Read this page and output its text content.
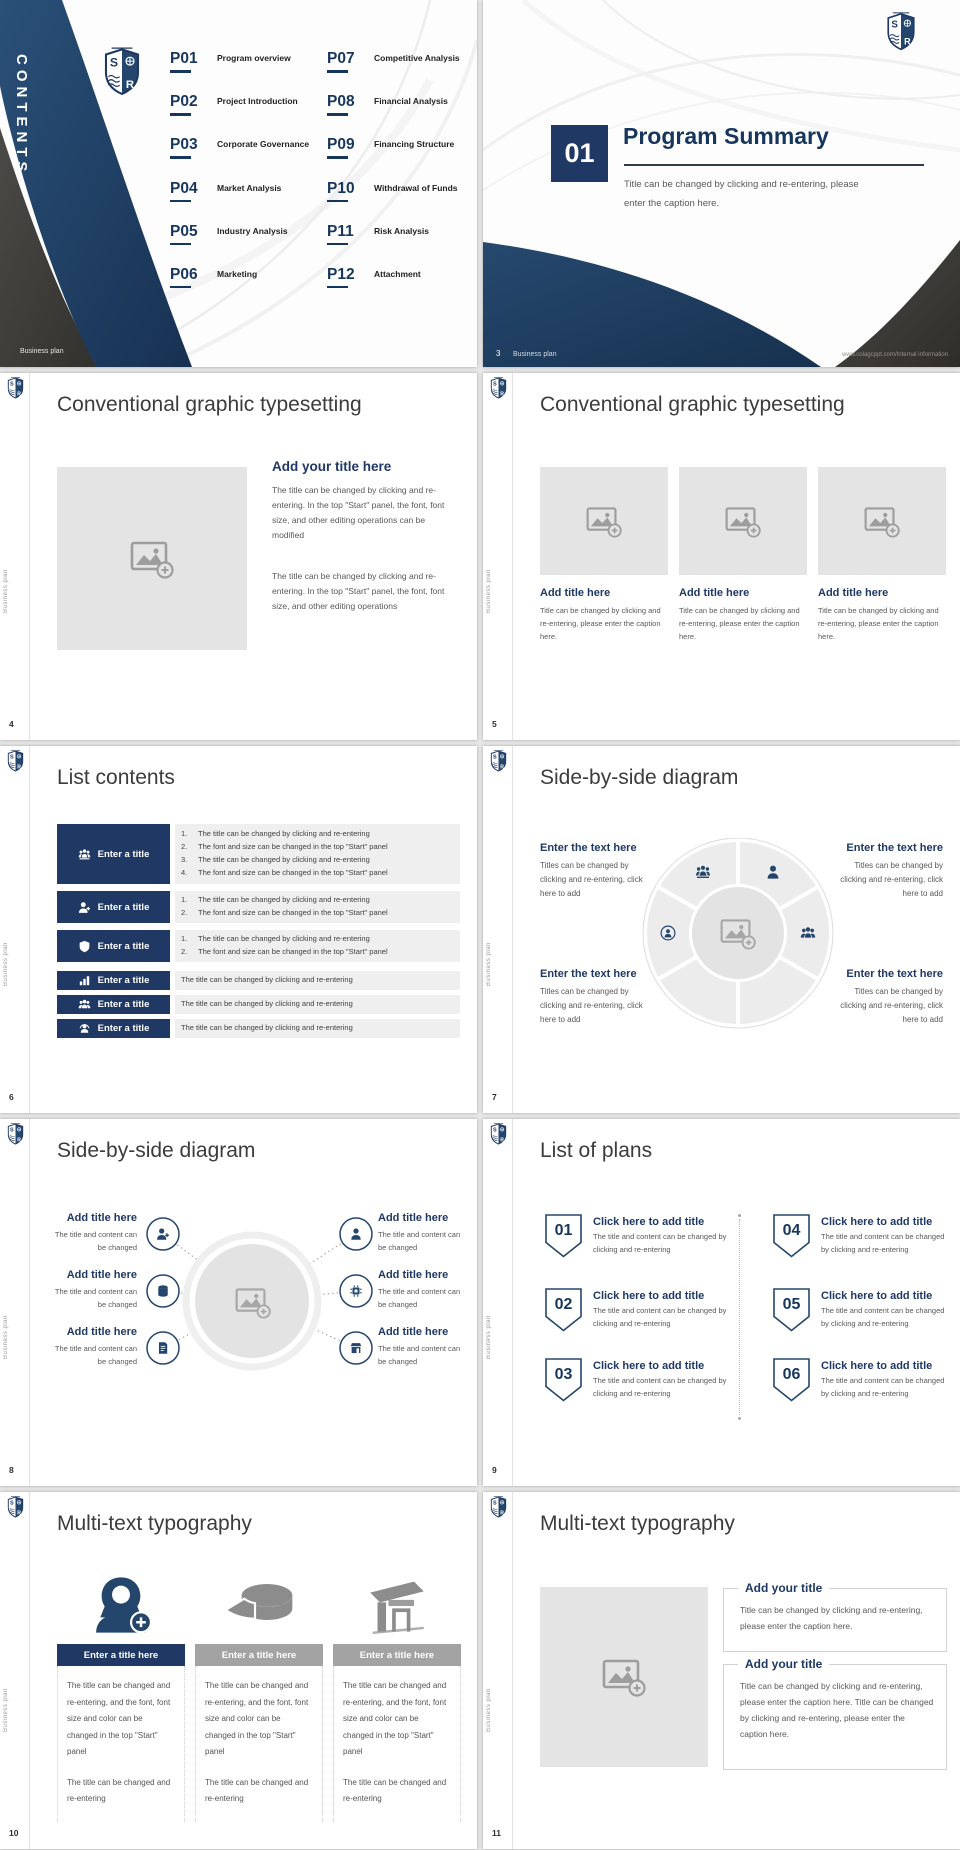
CONTENTS	P01	Program overview
P02	Project Introduction
P03	Corporate Governance
P04	Market Analysis
P05	Industry Analysis
P06	Marketing
P07	Competitive Analysis
P08	Financial Analysis
P09	Financing Structure
P10	Withdrawal of Funds
P11	Risk Analysis
P12	Attachment
Business plan
01
Program Summary
Title can be changed by clicking and re-entering, please enter the caption here.
3 Business plan	www.colagcppt.com/Internal information
Business plan
Conventional graphic typesetting
Add your title here
The title can be changed by clicking and re-entering. In the top "Start" panel, the font, font size, and other editing operations can be modified
The title can be changed by clicking and re-entering. In the top "Start" panel, the font, font size, and other editing operations
4
Business plan
Conventional graphic typesetting
Add title here
Title can be changed by clicking and re-entering, please enter the caption here.
Add title here
Title can be changed by clicking and re-entering, please enter the caption here.
Add title here
Title can be changed by clicking and re-entering, please enter the caption here.
5
Business plan
List contents
Enter a title
1.	The title can be changed by clicking and re-entering
2.	The font and size can be changed in the top "Start" panel
3.	The title can be changed by clicking and re-entering
4.	The font and size can be changed in the top "Start" panel
Enter a title
1.	The title can be changed by clicking and re-entering
2.	The font and size can be changed in the top "Start" panel
Enter a title
1.	The title can be changed by clicking and re-entering
2.	The font and size can be changed in the top "Start" panel
Enter a title	The title can be changed by clicking and re-entering
Enter a title	The title can be changed by clicking and re-entering
Enter a title	The title can be changed by clicking and re-entering
6
Business plan
Side-by-side diagram
Enter the text here
Titles can be changed by clicking and re-entering, click here to add
Enter the text here
Titles can be changed by clicking and re-entering, click here to add
Enter the text here
Titles can be changed by clicking and re-entering, click here to add
Enter the text here
Titles can be changed by clicking and re-entering, click here to add
7
Business plan
Side-by-side diagram
Add title here
The title and content can be changed
Add title here
The title and content can be changed
Add title here
The title and content can be changed
Add title here
The title and content can be changed
Add title here
The title and content can be changed
Add title here
The title and content can be changed
8
Business plan
List of plans
01	Click here to add title
The title and content can be changed by clicking and re-entering
02	Click here to add title
The title and content can be changed by clicking and re-entering
03	Click here to add title
The title and content can be changed by clicking and re-entering
04	Click here to add title
The title and content can be changed by clicking and re-entering
05	Click here to add title
The title and content can be changed by clicking and re-entering
06	Click here to add title
The title and content can be changed by clicking and re-entering
9
Business plan
Multi-text typography
Enter a title here
The title can be changed and re-entering, and the font, font size and color can be changed in the top "Start" panel
The title can be changed and re-entering
Enter a title here
The title can be changed and re-entering, and the font, font size and color can be changed in the top "Start" panel
The title can be changed and re-entering
Enter a title here
The title can be changed and re-entering, and the font, font size and color can be changed in the top "Start" panel
The title can be changed and re-entering
10
Business plan
Multi-text typography
Add your title
Title can be changed by clicking and re-entering, please enter the caption here.
Add your title
Title can be changed by clicking and re-entering, please enter the caption here. Title can be changed by clicking and re-entering, please enter the caption here.
11
